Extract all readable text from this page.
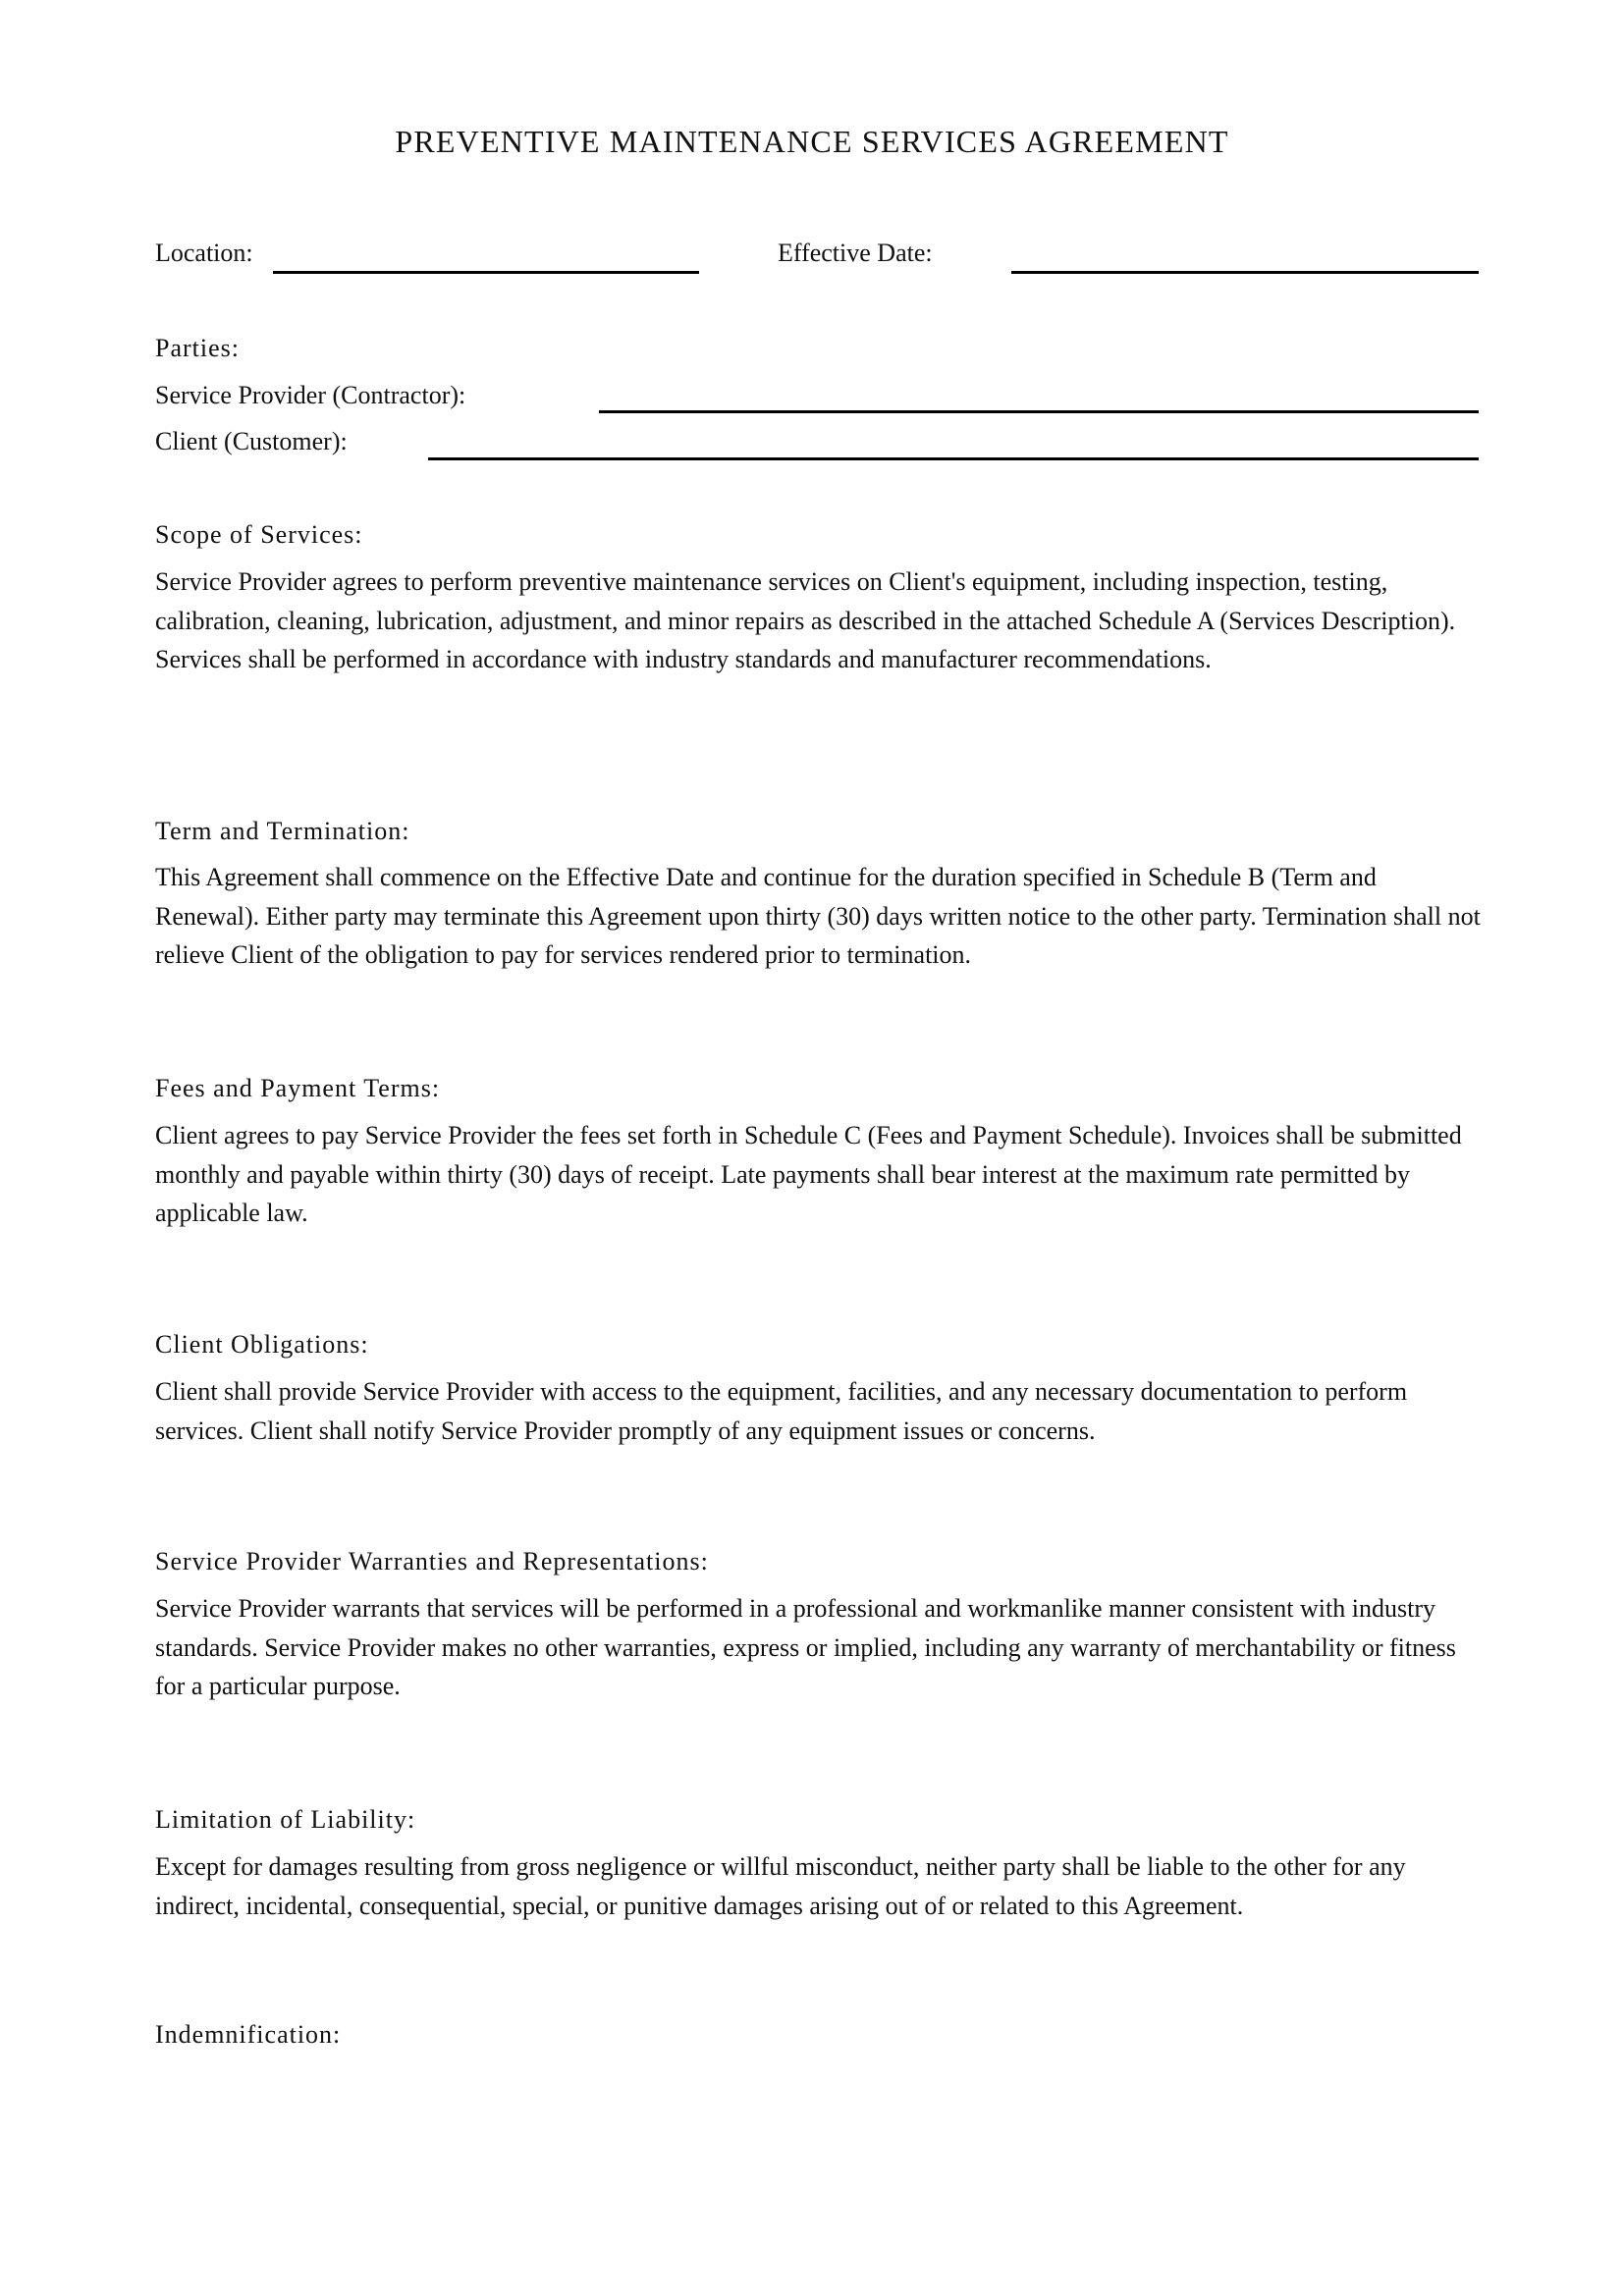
PREVENTIVE MAINTENANCE SERVICES AGREEMENT
Location:	Effective Date:
Parties:
Service Provider (Contractor):
Client (Customer):
Scope of Services:

Service Provider agrees to perform preventive maintenance services on Client's equipment, including inspection, testing, calibration, cleaning, lubrication, adjustment, and minor repairs as described in the attached Schedule A (Services Description). Services shall be performed in accordance with industry standards and manufacturer recommendations.

Term and Termination:

This Agreement shall commence on the Effective Date and continue for the duration specified in Schedule B (Term and Renewal). Either party may terminate this Agreement upon thirty (30) days written notice to the other party. Termination shall not relieve Client of the obligation to pay for services rendered prior to termination.

Fees and Payment Terms:

Client agrees to pay Service Provider the fees set forth in Schedule C (Fees and Payment Schedule). Invoices shall be submitted monthly and payable within thirty (30) days of receipt. Late payments shall bear interest at the maximum rate permitted by applicable law.

Client Obligations:

Client shall provide Service Provider with access to the equipment, facilities, and any necessary documentation to perform services. Client shall notify Service Provider promptly of any equipment issues or concerns.

Service Provider Warranties and Representations:

Service Provider warrants that services will be performed in a professional and workmanlike manner consistent with industry standards. Service Provider makes no other warranties, express or implied, including any warranty of merchantability or fitness for a particular purpose.

Limitation of Liability:

Except for damages resulting from gross negligence or willful misconduct, neither party shall be liable to the other for any indirect, incidental, consequential, special, or punitive damages arising out of or related to this Agreement.

Indemnification:
